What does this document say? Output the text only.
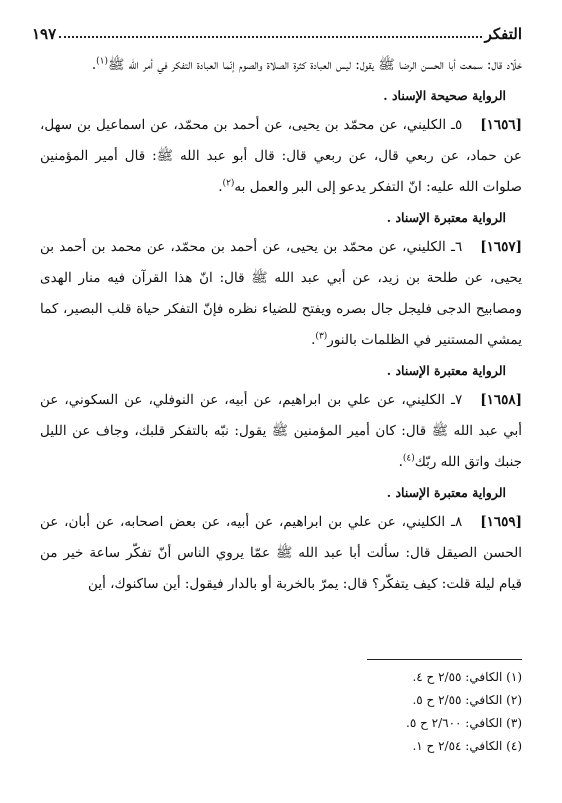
التفكر
١٩٧

خلّاد قال: سمعت أبا الحسن الرضا ﷺ يقول: ليس العبادة كثرة الصلاة والصوم إنّما العبادة التفكر في أمر الله ﷺ$^{(١)}$.

الرواية صحيحة الإسناد .

[١٦٥٦]٥ـ الكليني، عن محمّد بن يحيى، عن أحمد بن محمّد، عن اسماعيل بن سهل، عن حماد، عن ربعي قال، عن ربعي قال: قال أبو عبد الله ﷺ: قال أمير المؤمنين صلوات الله عليه: انّ التفكر يدعو إلى البر والعمل به$^{(٢)}$.

الرواية معتبرة الإسناد .

[١٦٥٧]٦ـ الكليني، عن محمّد بن يحيى، عن أحمد بن محمّد، عن محمد بن أحمد بن يحيى، عن طلحة بن زيد، عن أبي عبد الله ﷺ قال: انّ هذا القرآن فيه منار الهدى ومصابيح الدجى فليجل جال بصره ويفتح للضياء نظره فإنّ التفكر حياة قلب البصير، كما يمشي المستنير في الظلمات بالنور$^{(٣)}$.

الرواية معتبرة الإسناد .

[١٦٥٨]٧ـ الكليني، عن علي بن ابراهيم، عن أبيه، عن النوفلي، عن السكوني، عن أبي عبد الله ﷺ قال: كان أمير المؤمنين ﷺ يقول: نبّه بالتفكر قلبك، وجاف عن الليل جنبك واتق الله ربّك$^{(٤)}$.

الرواية معتبرة الإسناد .

[١٦٥٩]٨ـ الكليني، عن علي بن ابراهيم، عن أبيه، عن بعض اصحابه، عن أبان، عن الحسن الصيقل قال: سألت أبا عبد الله ﷺ عمّا يروي الناس أنّ تفكّر ساعة خير من قيام ليلة قلت: كيف يتفكّر؟ قال: يمرّ بالخربة أو بالدار فيقول: أين ساكنوك، أين

(١) الكافي: ٢/٥٥ ح ٤.
(٢) الكافي: ٢/٥٥ ح ٥.
(٣) الكافي: ٢/٦٠٠ ح ٥.
(٤) الكافي: ٢/٥٤ ح ١.
